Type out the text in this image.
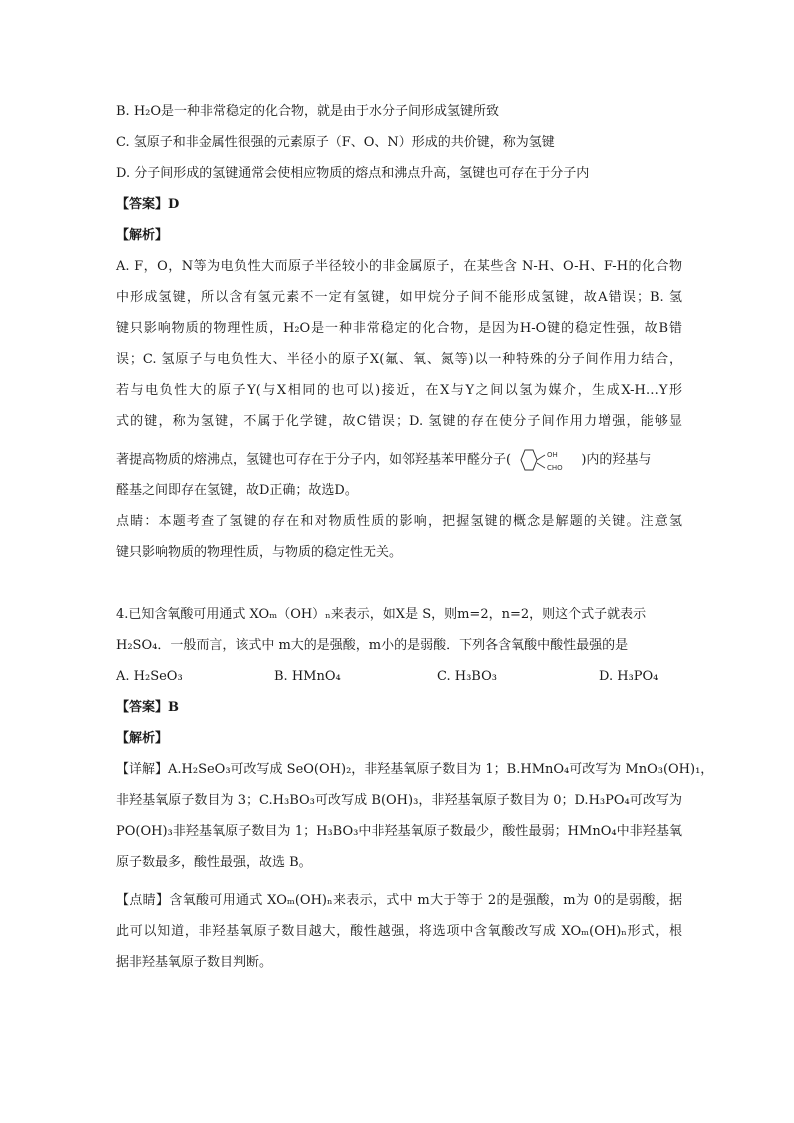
B. H₂O是一种非常稳定的化合物，就是由于水分子间形成氢键所致
C. 氢原子和非金属性很强的元素原子（F、O、N）形成的共价键，称为氢键
D. 分子间形成的氢键通常会使相应物质的熔点和沸点升高，氢键也可存在于分子内
【答案】D
【解析】
A. F，O，N等为电负性大而原子半径较小的非金属原子，在某些含 N-H、O-H、F-H的化合物
中形成氢键，所以含有氢元素不一定有氢键，如甲烷分子间不能形成氢键，故A错误；B. 氢
键只影响物质的物理性质，H₂O是一种非常稳定的化合物，是因为H-O键的稳定性强，故B错
误；C. 氢原子与电负性大、半径小的原子X(氟、氧、氮等)以一种特殊的分子间作用力结合，
若与电负性大的原子Y(与X相同的也可以)接近，在X与Y之间以氢为媒介，生成X-H…Y形
式的键，称为氢键，不属于化学键，故C错误；D. 氢键的存在使分子间作用力增强，能够显
著提高物质的熔沸点，氢键也可存在于分子内，如邻羟基苯甲醛分子(	OH
CHO
)内的羟基与
醛基之间即存在氢键，故D正确；故选D。
点睛：本题考查了氢键的存在和对物质性质的影响，把握氢键的概念是解题的关键。注意氢
键只影响物质的物理性质，与物质的稳定性无关。
4.已知含氧酸可用通式 XOₘ（OH）ₙ来表示，如X是 S，则m=2，n=2，则这个式子就表示
H₂SO₄．一般而言，该式中 m大的是强酸，m小的是弱酸．下列各含氧酸中酸性最强的是
A. H₂SeO₃	B. HMnO₄	C. H₃BO₃	D. H₃PO₄
【答案】B
【解析】
【详解】A.H₂SeO₃可改写成 SeO(OH)₂，非羟基氧原子数目为 1；B.HMnO₄可改写为 MnO₃(OH)₁，
非羟基氧原子数目为 3；C.H₃BO₃可改写成 B(OH)₃，非羟基氧原子数目为 0；D.H₃PO₄可改写为
PO(OH)₃非羟基氧原子数目为 1；H₃BO₃中非羟基氧原子数最少，酸性最弱；HMnO₄中非羟基氧
原子数最多，酸性最强，故选 B。
【点睛】含氧酸可用通式 XOₘ(OH)ₙ来表示，式中 m大于等于 2的是强酸，m为 0的是弱酸，据
此可以知道，非羟基氧原子数目越大，酸性越强，将选项中含氧酸改写成 XOₘ(OH)ₙ形式，根
据非羟基氧原子数目判断。
